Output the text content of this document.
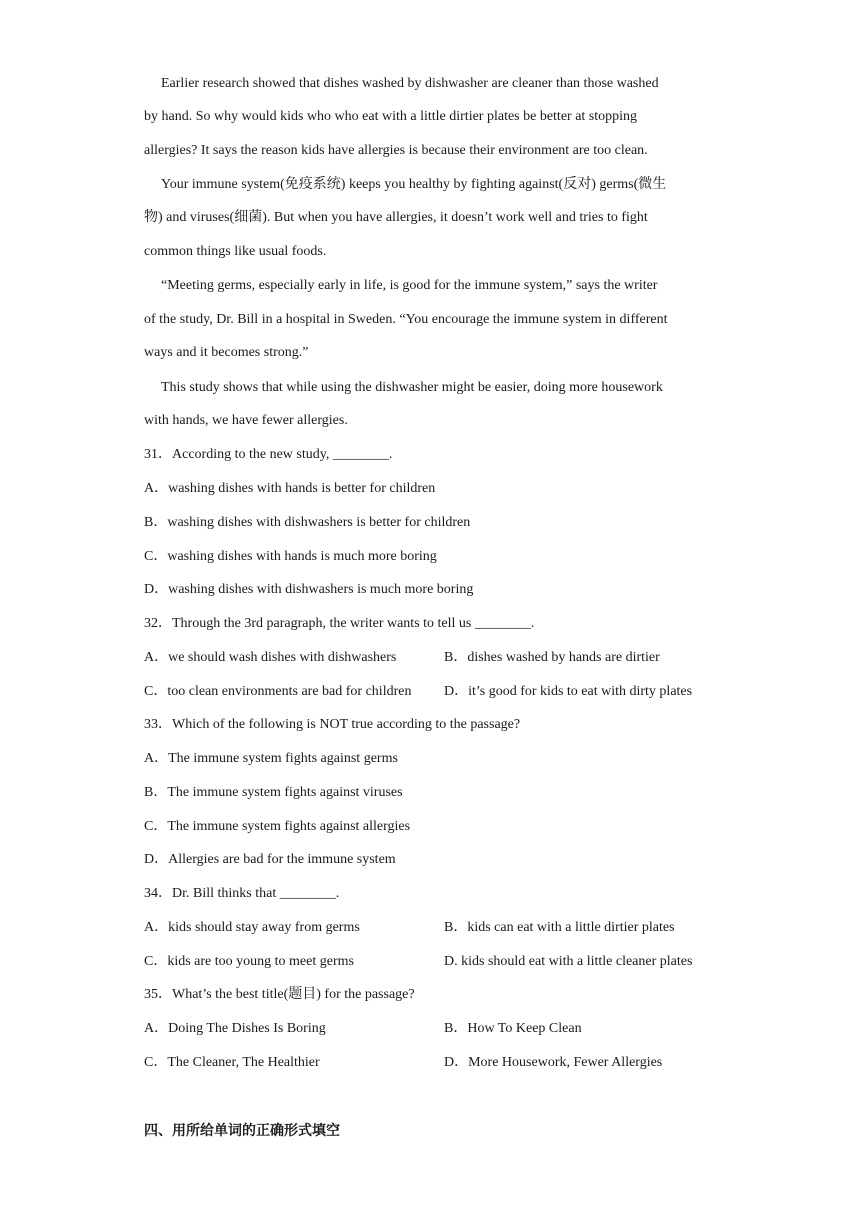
Earlier research showed that dishes washed by dishwasher are cleaner than those washed
by hand. So why would kids who who eat with a little dirtier plates be better at stopping
allergies? It says the reason kids have allergies is because their environment are too clean.
Your immune system(免疫系统) keeps you healthy by fighting against(反对) germs(微生
物) and viruses(细菌). But when you have allergies, it doesn’t work well and tries to fight
common things like usual foods.
“Meeting germs, especially early in life, is good for the immune system,” says the writer
of the study, Dr. Bill in a hospital in Sweden. “You encourage the immune system in different
ways and it becomes strong.”
This study shows that while using the dishwasher might be easier, doing more housework
with hands, we have fewer allergies.
31．According to the new study, ________.
A．washing dishes with hands is better for children
B．washing dishes with dishwashers is better for children
C．washing dishes with hands is much more boring
D．washing dishes with dishwashers is much more boring
32．Through the 3rd paragraph, the writer wants to tell us ________.
A．we should wash dishes with dishwashers	B．dishes washed by hands are dirtier
C．too clean environments are bad for children D．it’s good for kids to eat with dirty plates
33．Which of the following is NOT true according to the passage?
A．The immune system fights against germs
B．The immune system fights against viruses
C．The immune system fights against allergies
D．Allergies are bad for the immune system
34．Dr. Bill thinks that ________.
A．kids should stay away from germs	B．kids can eat with a little dirtier plates
C．kids are too young to meet germs	D. kids should eat with a little cleaner plates
35．What’s the best title(题目) for the passage?
A．Doing The Dishes Is Boring	B．How To Keep Clean
C．The Cleaner, The Healthier	D．More Housework, Fewer Allergies
四、用所给单词的正确形式填空
